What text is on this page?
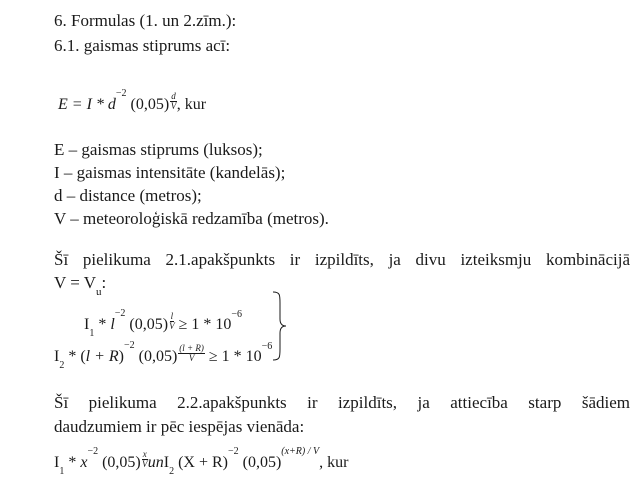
6. Formulas (1. un 2.zīm.):
6.1. gaismas stiprums acī:
$E = I * d^{-2}$ $(0,05) \frac{d}{V}$ , kur
E – gaismas stiprums (luksos);
I – gaismas intensitāte (kandelās);
d – distance (metros);
V – meteoroloģiskā redzamība (metros).
Šī pielikuma 2.1.apakšpunkts ir izpildīts, ja divu izteiksmju kombinācijā
$V = V_u$:
$I_1 * l^{-2}$ $(0,05) \frac{l}{V} \ge 1 * 10^{-6}$
$I_2 * (l + R)^{-2}$ $(0,05) \frac{(l + R)}{V} \ge 1 * 10^{-6}$
Šī pielikuma 2.2.apakšpunkts ir izpildīts, ja attiecība starp šādiem
daudzumiem ir pēc iespējas vienāda:
$I_1 * x^{-2}$ $(0,05) \frac{x}{V} unI_2$ $(X + R)^{-2}$ $(0,05)^{(x+R) / V}$, kur
